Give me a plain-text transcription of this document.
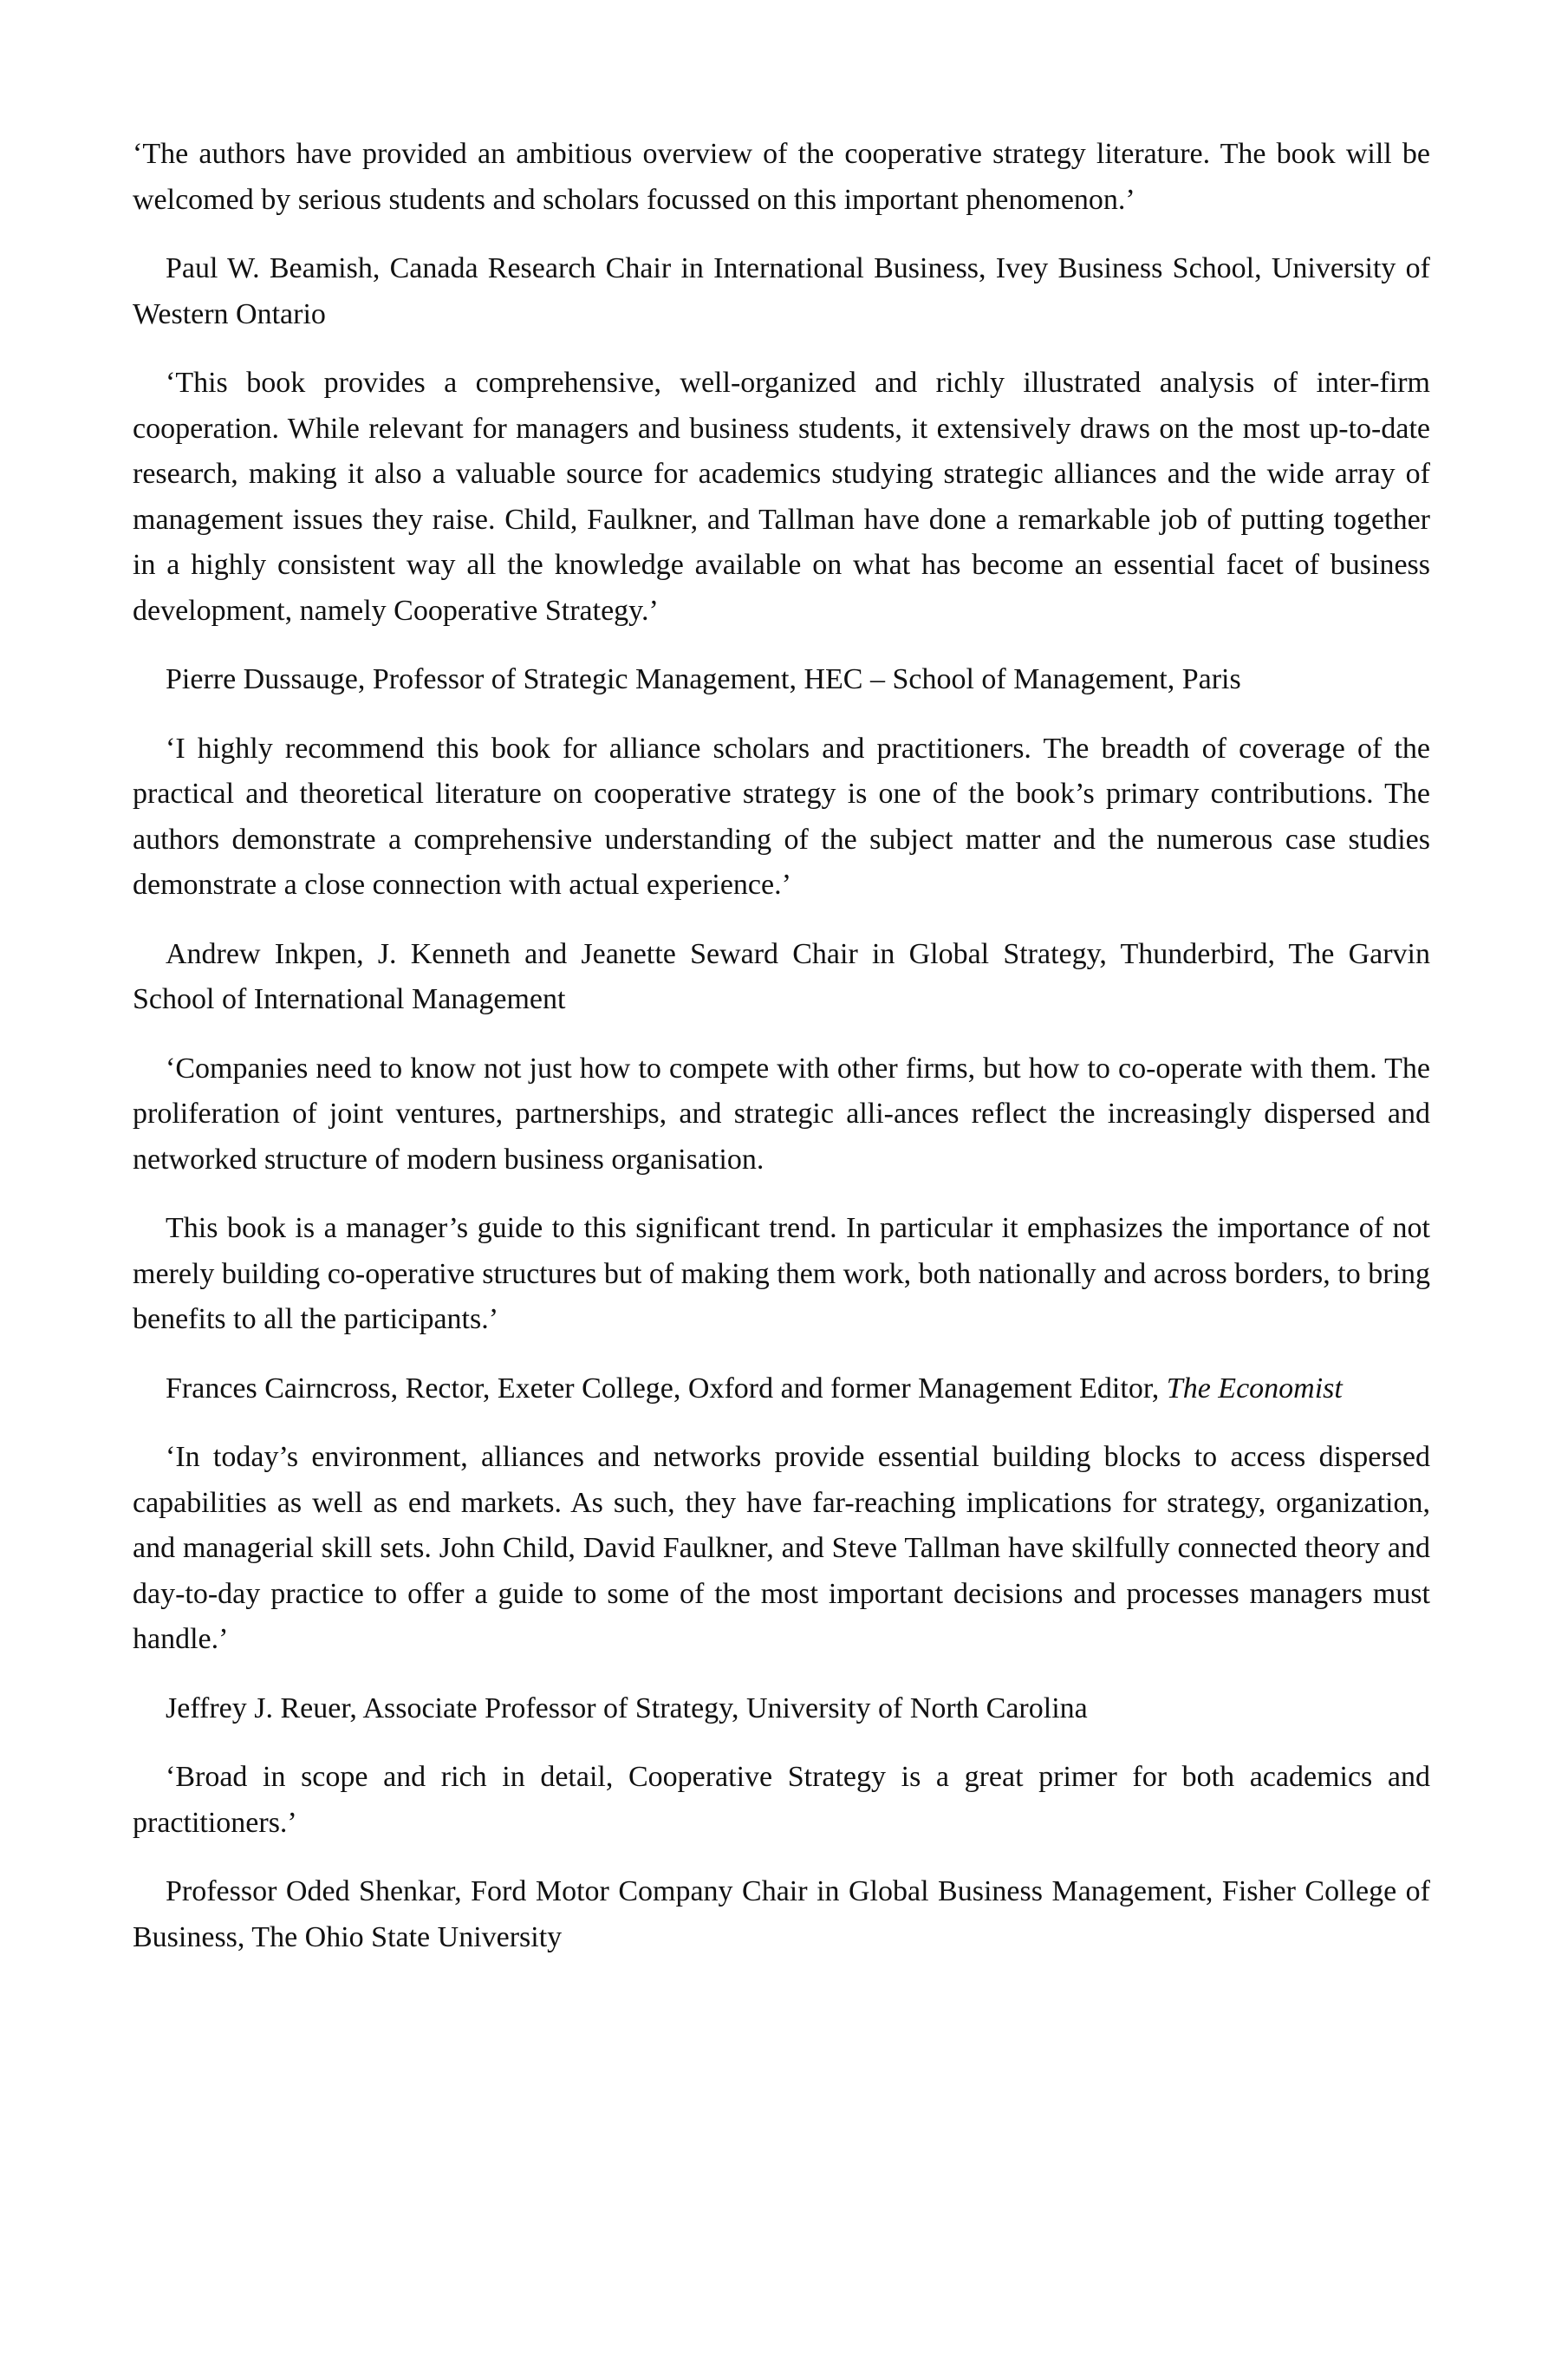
‘The authors have provided an ambitious overview of the cooperative strategy literature. The book will be welcomed by serious students and scholars focussed on this important phenomenon.’

Paul W. Beamish, Canada Research Chair in International Business, Ivey Business School, University of Western Ontario

‘This book provides a comprehensive, well-organized and richly illustrated analysis of inter-firm cooperation. While relevant for managers and business students, it extensively draws on the most up-to-date research, making it also a valuable source for academics studying strategic alliances and the wide array of management issues they raise. Child, Faulkner, and Tallman have done a remarkable job of putting together in a highly consistent way all the knowledge available on what has become an essential facet of business development, namely Cooperative Strategy.’

Pierre Dussauge, Professor of Strategic Management, HEC – School of Management, Paris

‘I highly recommend this book for alliance scholars and practitioners. The breadth of coverage of the practical and theoretical literature on cooperative strategy is one of the book’s primary contributions. The authors demonstrate a comprehensive understanding of the subject matter and the numerous case studies demonstrate a close connection with actual experience.’

Andrew Inkpen, J. Kenneth and Jeanette Seward Chair in Global Strategy, Thunderbird, The Garvin School of International Management

‘Companies need to know not just how to compete with other firms, but how to co-operate with them. The proliferation of joint ventures, partnerships, and strategic alli-ances reflect the increasingly dispersed and networked structure of modern business organisation.

This book is a manager’s guide to this significant trend. In particular it emphasizes the importance of not merely building co-operative structures but of making them work, both nationally and across borders, to bring benefits to all the participants.’

Frances Cairncross, Rector, Exeter College, Oxford and former Management Editor, The Economist

‘In today’s environment, alliances and networks provide essential building blocks to access dispersed capabilities as well as end markets. As such, they have far-reaching implications for strategy, organization, and managerial skill sets. John Child, David Faulkner, and Steve Tallman have skilfully connected theory and day-to-day practice to offer a guide to some of the most important decisions and processes managers must handle.’

Jeffrey J. Reuer, Associate Professor of Strategy, University of North Carolina

‘Broad in scope and rich in detail, Cooperative Strategy is a great primer for both academics and practitioners.’

Professor Oded Shenkar, Ford Motor Company Chair in Global Business Management, Fisher College of Business, The Ohio State University
